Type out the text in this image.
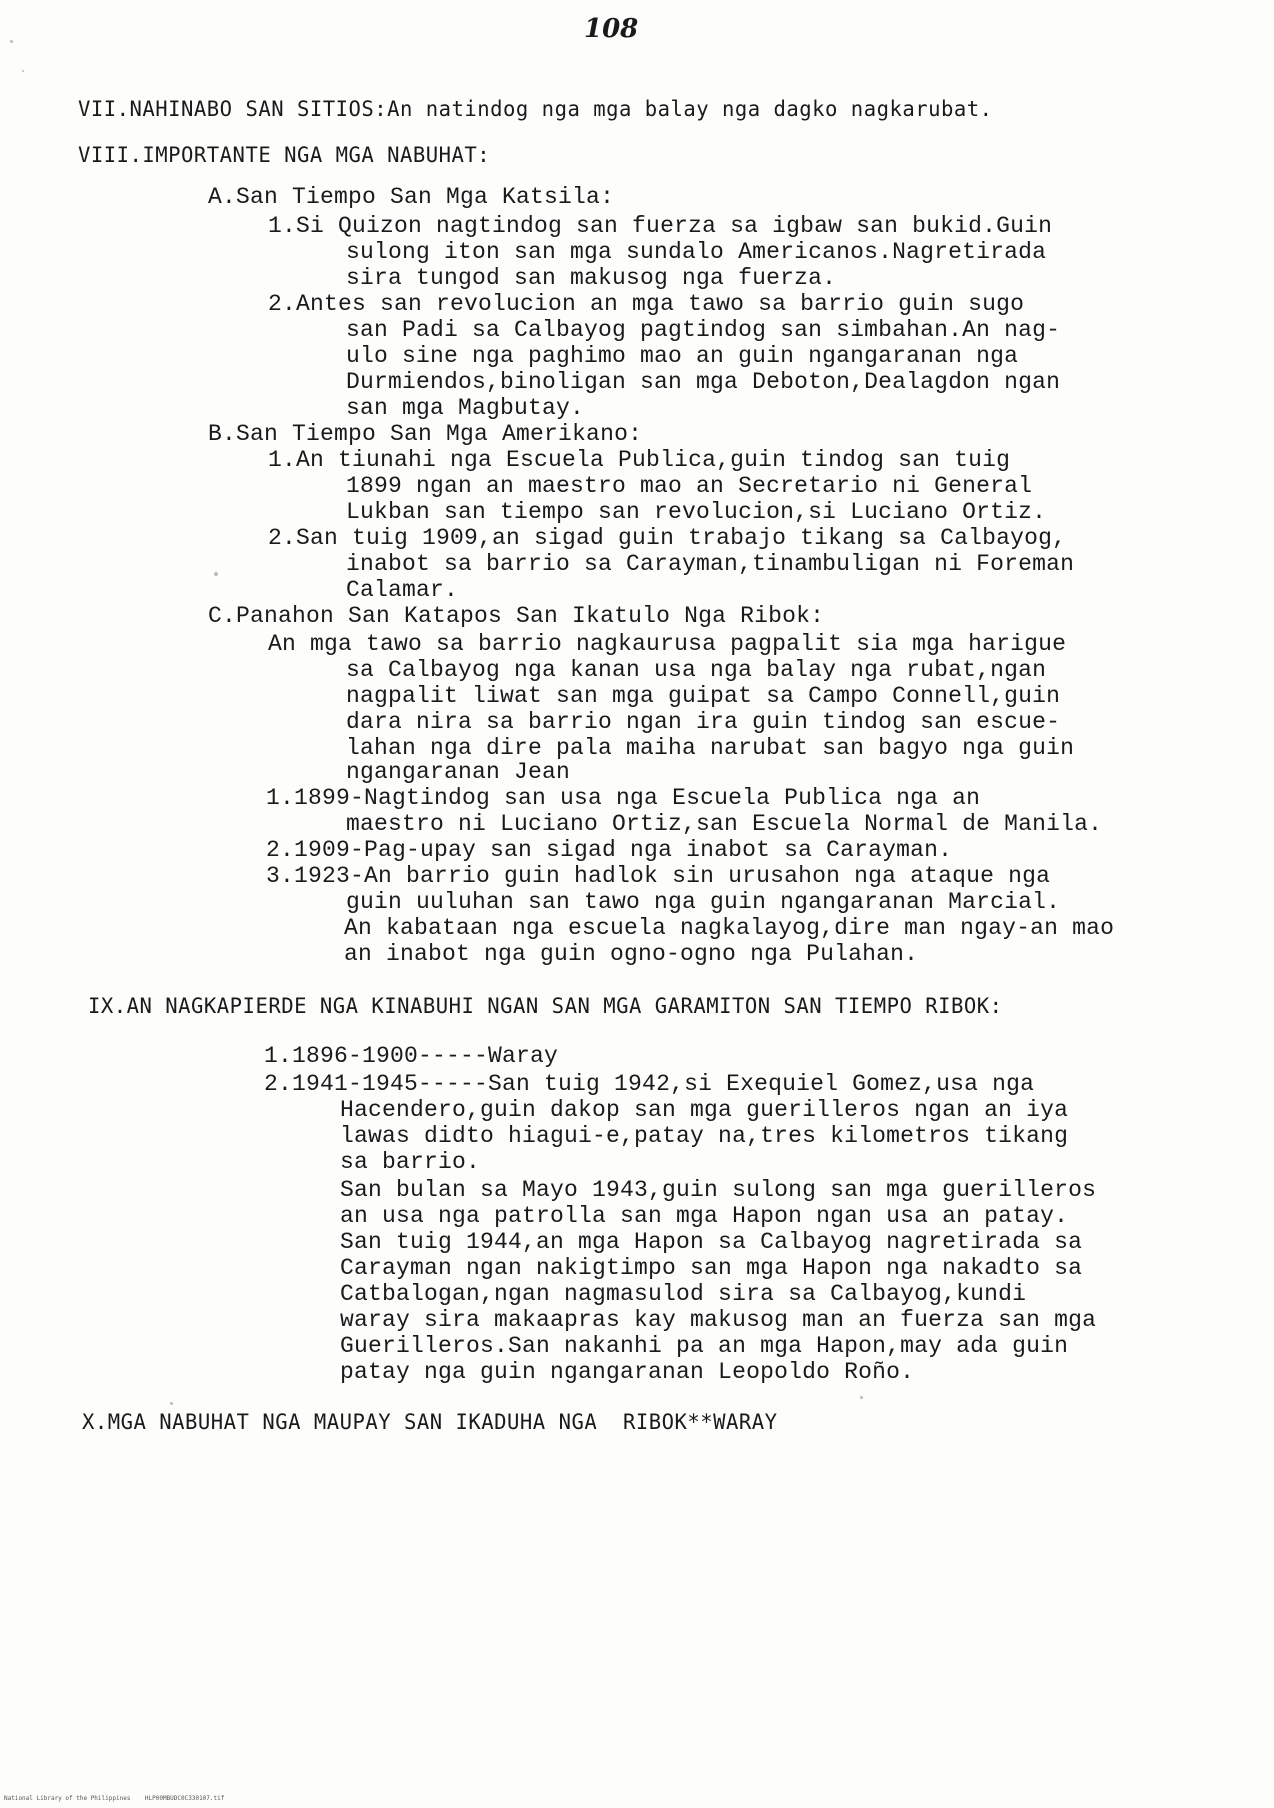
108
VII.NAHINABO SAN SITIOS:An natindog nga mga balay nga dagko nagkarubat.
VIII.IMPORTANTE NGA MGA NABUHAT:
A.San Tiempo San Mga Katsila:
1.Si Quizon nagtindog san fuerza sa igbaw san bukid.Guin
sulong iton san mga sundalo Americanos.Nagretirada
sira tungod san makusog nga fuerza.
2.Antes san revolucion an mga tawo sa barrio guin sugo
san Padi sa Calbayog pagtindog san simbahan.An nag-
ulo sine nga paghimo mao an guin ngangaranan nga
Durmiendos,binoligan san mga Deboton,Dealagdon ngan
san mga Magbutay.
B.San Tiempo San Mga Amerikano:
1.An tiunahi nga Escuela Publica,guin tindog san tuig
1899 ngan an maestro mao an Secretario ni General
Lukban san tiempo san revolucion,si Luciano Ortiz.
2.San tuig 1909,an sigad guin trabajo tikang sa Calbayog,
inabot sa barrio sa Carayman,tinambuligan ni Foreman
Calamar.
C.Panahon San Katapos San Ikatulo Nga Ribok:
An mga tawo sa barrio nagkaurusa pagpalit sia mga harigue
sa Calbayog nga kanan usa nga balay nga rubat,ngan
nagpalit liwat san mga guipat sa Campo Connell,guin
dara nira sa barrio ngan ira guin tindog san escue-
lahan nga dire pala maiha narubat san bagyo nga guin
ngangaranan Jean
1.1899-Nagtindog san usa nga Escuela Publica nga an
maestro ni Luciano Ortiz,san Escuela Normal de Manila.
2.1909-Pag-upay san sigad nga inabot sa Carayman.
3.1923-An barrio guin hadlok sin urusahon nga ataque nga
guin uuluhan san tawo nga guin ngangaranan Marcial.
An kabataan nga escuela nagkalayog,dire man ngay-an mao
an inabot nga guin ogno-ogno nga Pulahan.
IX.AN NAGKAPIERDE NGA KINABUHI NGAN SAN MGA GARAMITON SAN TIEMPO RIBOK:
1.1896-1900-----Waray
2.1941-1945-----San tuig 1942,si Exequiel Gomez,usa nga
Hacendero,guin dakop san mga guerilleros ngan an iya
lawas didto hiagui-e,patay na,tres kilometros tikang
sa barrio.
San bulan sa Mayo 1943,guin sulong san mga guerilleros
an usa nga patrolla san mga Hapon ngan usa an patay.
San tuig 1944,an mga Hapon sa Calbayog nagretirada sa
Carayman ngan nakigtimpo san mga Hapon nga nakadto sa
Catbalogan,ngan nagmasulod sira sa Calbayog,kundi
waray sira makaapras kay makusog man an fuerza san mga
Guerilleros.San nakanhi pa an mga Hapon,may ada guin
patay nga guin ngangaranan Leopoldo Roño.
X.MGA NABUHAT NGA MAUPAY SAN IKADUHA NGA  RIBOK**WARAY
National Library of the Philippines    HLP00MBUDC0C330107.tif
